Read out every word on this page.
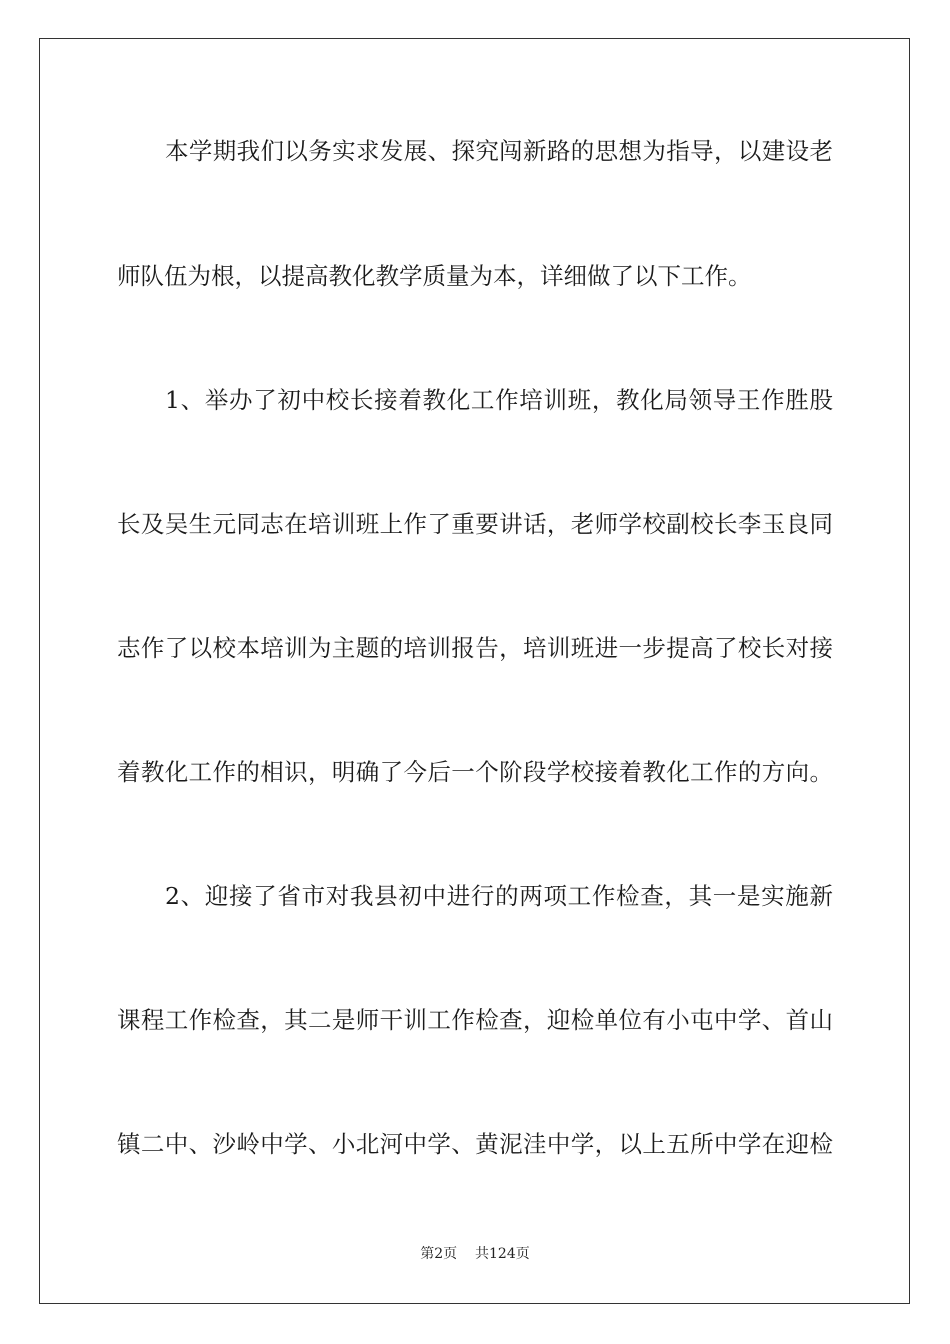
本学期我们以务实求发展、探究闯新路的思想为指导，以建设老
师队伍为根，以提高教化教学质量为本，详细做了以下工作。
1、举办了初中校长接着教化工作培训班，教化局领导王作胜股
长及吴生元同志在培训班上作了重要讲话，老师学校副校长李玉良同
志作了以校本培训为主题的培训报告，培训班进一步提高了校长对接
着教化工作的相识，明确了今后一个阶段学校接着教化工作的方向。
2、迎接了省市对我县初中进行的两项工作检查，其一是实施新
课程工作检查，其二是师干训工作检查，迎检单位有小屯中学、首山
镇二中、沙岭中学、小北河中学、黄泥洼中学，以上五所中学在迎检
第2页 共124页
